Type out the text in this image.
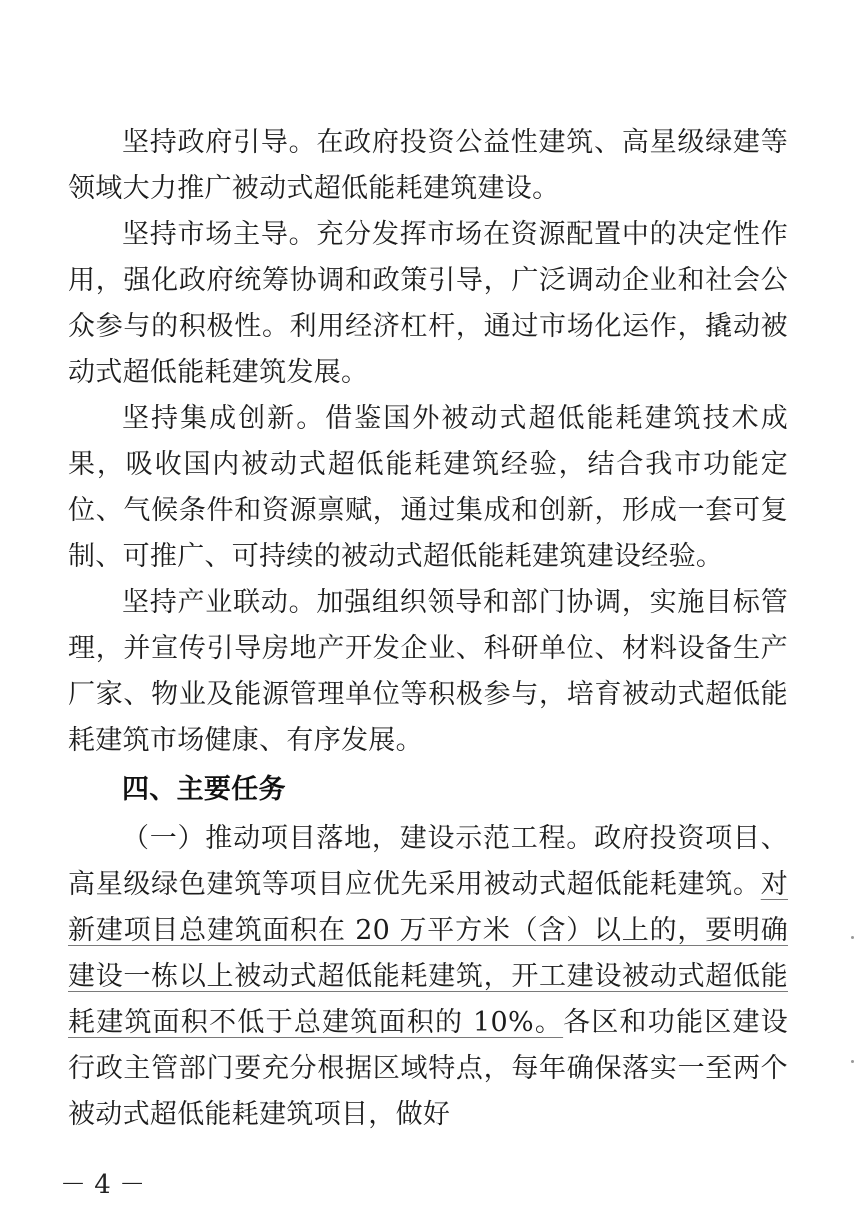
坚持政府引导。在政府投资公益性建筑、高星级绿建等领域大力推广被动式超低能耗建筑建设。

坚持市场主导。充分发挥市场在资源配置中的决定性作用，强化政府统筹协调和政策引导，广泛调动企业和社会公众参与的积极性。利用经济杠杆，通过市场化运作，撬动被动式超低能耗建筑发展。

坚持集成创新。借鉴国外被动式超低能耗建筑技术成果，吸收国内被动式超低能耗建筑经验，结合我市功能定位、气候条件和资源禀赋，通过集成和创新，形成一套可复制、可推广、可持续的被动式超低能耗建筑建设经验。

坚持产业联动。加强组织领导和部门协调，实施目标管理，并宣传引导房地产开发企业、科研单位、材料设备生产厂家、物业及能源管理单位等积极参与，培育被动式超低能耗建筑市场健康、有序发展。

四、主要任务

（一）推动项目落地，建设示范工程。政府投资项目、高星级绿色建筑等项目应优先采用被动式超低能耗建筑。对新建项目总建筑面积在 20 万平方米（含）以上的，要明确建设一栋以上被动式超低能耗建筑，开工建设被动式超低能耗建筑面积不低于总建筑面积的 10%。各区和功能区建设行政主管部门要充分根据区域特点，每年确保落实一至两个被动式超低能耗建筑项目，做好

－ 4 －
